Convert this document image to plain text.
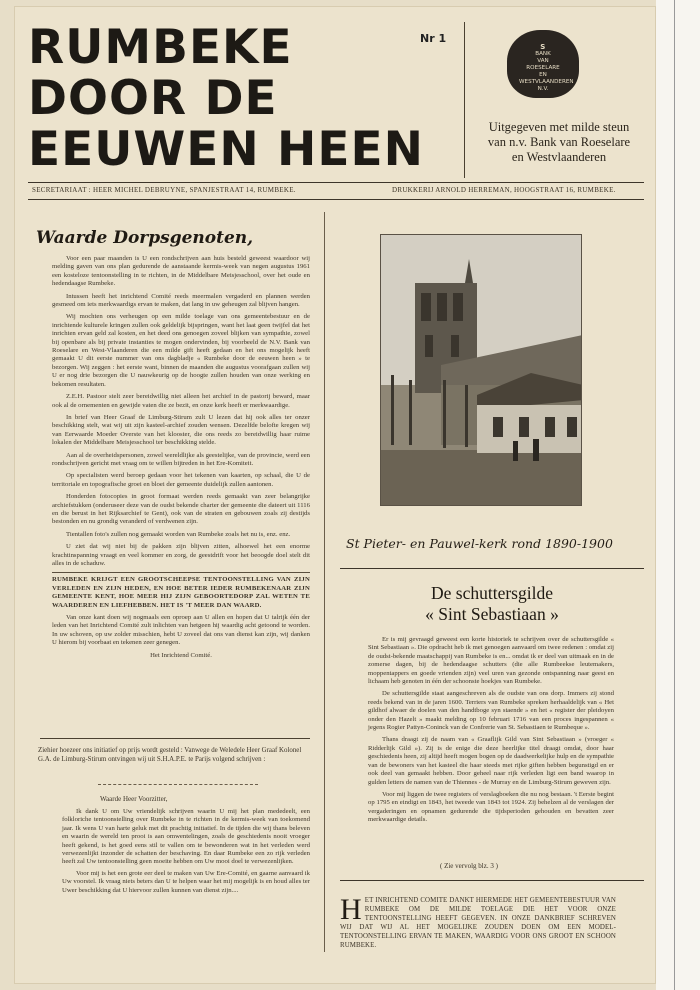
RUMBEKE
DOOR DE
EEUWEN HEEN
Nr 1
S
BANK
VAN
ROESELARE
EN
WESTVLAANDEREN
N.V.
Uitgegeven met milde steun
van n.v. Bank van Roeselare
en Westvlaanderen
SECRETARIAAT : HEER MICHEL DEBRUYNE, SPANJESTRAAT 14, RUMBEKE.	DRUKKERIJ ARNOLD HERREMAN, HOOGSTRAAT 16, RUMBEKE.
Waarde Dorpsgenoten,

Voor een paar maanden is U een rondschrijven aan huis besteld geweest waardoor wij melding gaven van ons plan gedurende de aanstaande kermis-week van negen augustus 1961 een kosteloze tentoonstelling in te richten, in de Middelbare Meisjesschool, over het oude en hedendaagse Rumbeke.

Intussen heeft het inrichtend Comité reeds meermalen vergaderd en plannen werden gesmeed om iets merkwaardigs ervan te maken, dat lang in uw geheugen zal blijven hangen.

Wij mochten ons verheugen op een milde toelage van ons gemeentebestuur en de inrichtende kulturele kringen zullen ook geldelijk bijspringen, want het laat geen twijfel dat het inrichten ervan geld zal kosten, en het deed ons genoegen zoveel blijken van sympathie, zowel bij openbare als bij private instanties te mogen ondervinden, bij voorbeeld de N.V. Bank van Roeselare en West-Vlaanderen die een milde gift heeft gedaan en het ons mogelijk heeft gemaakt U dit eerste nummer van ons dagbladje « Rumbeke door de eeuwen heen » te bezorgen. Wij zeggen : het eerste want, binnen de maanden die augustus voorafgaan zullen wij U er nog drie bezorgen die U nauwkeurig op de hoogte zullen houden van onze werking en bekomen resultaten.

Z.E.H. Pastoor stelt zeer bereidwillig niet alleen het archief in de pastorij beward, maar ook al de ornementen en gewijde vaten die ze bezit, en onze kerk heeft er merkwaardige.

In brief van Heer Graaf de Limburg-Stirum zult U lezen dat hij ook alles ter onzer beschikking stelt, wat wij uit zijn kasteel-archief zouden wensen. Dezelfde belofte kregen wij van Eerwaarde Moeder Overste van het klooster, die ons reeds zo bereidwillig haar ruime lokalen der Middelbare Meisjesschool ter beschikking stelde.

Aan al de overheidspersonen, zowel wereldlijke als geestelijke, van de provincie, werd een rondschrijven gericht met vraag om te willen bijtreden in het Ere-Komiteit.

Op specialisten werd beroep gedaan voor het tekenen van kaarten, op schaal, die U de territoriale en topografische groei en bloei der gemeente duidelijk zullen aantonen.

Honderden fotocopies in groot formaat werden reeds gemaakt van zeer belangrijke archiefstukken (onderuseer deze van de oudst bekende charter der gemeente die dateert uit 1116 en die berust in het Rijksarchief te Gent), ook van de straten en gebouwen zoals zij destijds bestonden en nu grondig veranderd of verdwenen zijn.

Tientallen foto's zullen nog gemaakt worden van Rumbeke zoals het nu is, enz. enz.

U ziet dat wij niet bij de pakken zijn blijven zitten, alhoewel het een enorme krachtinspanning vraagt en veel kommer en zorg, de geestdrift voor het beoogde doel stelt dit alles in de schaduw.

RUMBEKE KRIJGT EEN GROOTSCHEEPSE TENTOONSTELLING VAN ZIJN VERLEDEN EN ZIJN HEDEN, EN HOE BETER IEDER RUMBEKENAAR ZIJN GEMEENTE KENT, HOE MEER HIJ ZIJN GEBOORTEDORP ZAL WETEN TE WAARDEREN EN LIEFHEBBEN. HET IS 'T MEER DAN WAARD.

Van onze kant doen wij nogmaals een oproep aan U allen en hopen dat U talrijk één der leden van het Inrichtend Comité zult inlichten van hetgeen hij waardig acht getoond te worden. In uw schoven, op uw zolder misschien, hebt U zoveel dat ons van dienst kan zijn, wij danken U hierom bij voorbaat en tekenen zeer genegen.

Het Inrichtend Comité.

Ziehier hoezeer ons initiatief op prijs wordt gesteld : Vanwege de Weledele Heer Graaf Kolonel G.A. de Limburg-Stirum ontvingen wij uit S.H.A.P.E. te Parijs volgend schrijven :
Waarde Heer Voorzitter,

Ik dank U om Uw vriendelijk schrijven waarin U mij het plan mededeelt, een folkloriche tentoonstelling over Rumbeke in te richten in de kermis-week van toekomend jaar. Ik wens U van harte geluk met dit prachtig initiatief. In de tijden die wij thans beleven en waarin de wereld ten prooi is aan omwentelingen, zoals de geschiedenis nooit vroeger heeft gekend, is het goed eens stil te vallen om te bewonderen wat in het verleden werd verwezenlijkt inzonder de schatten der beschaving. En daar Rumbeke een zo rijk verleden heeft zal Uw tentoonstelling geen moeite hebben om Uw mooi doel te verwezenlijken.

Voor mij is het een grote eer deel te maken van Uw Ere-Comité, en gaarne aanvaard ik Uw voorstel. Ik vraag niets beters dan U te helpen waar het mij mogelijk is en houd alles ter Uwer beschikking dat U hiervoor zullen kunnen van dienst zijn....

St Pieter- en Pauwel-kerk rond 1890-1900
De schuttersgilde
« Sint Sebastiaan »

Er is mij gevraagd geweest een korte historiek te schrijven over de schuttersgilde « Sint Sebastiaan ». Die opdracht heb ik met genoegen aanvaard om twee redenen : omdat zij de oudst-bekende maatschappij van Rumbeke is en... omdat ik er deel van uitmaak en in de zomerse dagen, bij de hedendaagse schutters (die alle Rumbeekse leutemakers, moppentappers en goede vrienden zijn) veel uren van gezonde ontspanning naar geest en lichaam heb genoten in één der schoonste hoekjes van Rumbeke.

De schuttersgilde staat aangeschreven als de oudste van ons dorp. Immers zij stond reeds bekend van in de jaren 1600. Terriers van Rumbeke spreken herhaaldelijk van « Het gildhof alwaer de doelen van den handtboge syn staende » en het « register der pleidoyen onder den Hazelt » maakt melding op 10 februari 1716 van een proces ingespannen « jegens Rogier Pattyn-Coninck van de Confrerie van St. Sebastiaen te Rumbeque ».

Thans draagt zij de naam van « Graaflijk Gild van Sint Sebastiaan » (vroeger « Ridderlijk Gild »). Zij is de enige die deze heerlijke titel draagt omdat, door haar geschiedenis heen, zij altijd heeft mogen bogen op de daadwerkelijke hulp en de sympathie van de bewoners van het kasteel die haar steeds met rijke giften hebben begunstigd en er ook deel van gemaakt hebben. Door geheel naar rijk verleden ligt een band waarop in gulden letters de namen van de Thiennes - de Murray en de Limburg-Stirum geweven zijn.

Voor mij liggen de twee registers of verslagboeken die nu nog bestaan. 't Eerste begint op 1795 en eindigt en 1843, het tweede van 1843 tot 1924. Zij behelzen al de verslagen der vergaderingen en opnamen gedurende die tijdsperioden gehouden en bevatten zeer merkwaardige details.

( Zie vervolg blz. 3 )
H ET INRICHTEND COMITE DANKT HIERMEDE HET GEMEENTEBESTUUR VAN RUMBEKE OM DE MILDE TOELAGE DIE HET VOOR ONZE TENTOONSTELLING HEEFT GEGEVEN. IN ONZE DANKBRIEF SCHREVEN WIJ DAT WIJ AL HET MOGELIJKE ZOUDEN DOEN OM EEN MODEL-TENTOONSTELLING ERVAN TE MAKEN, WAARDIG VOOR ONS GROOT EN SCHOON RUMBEKE.
